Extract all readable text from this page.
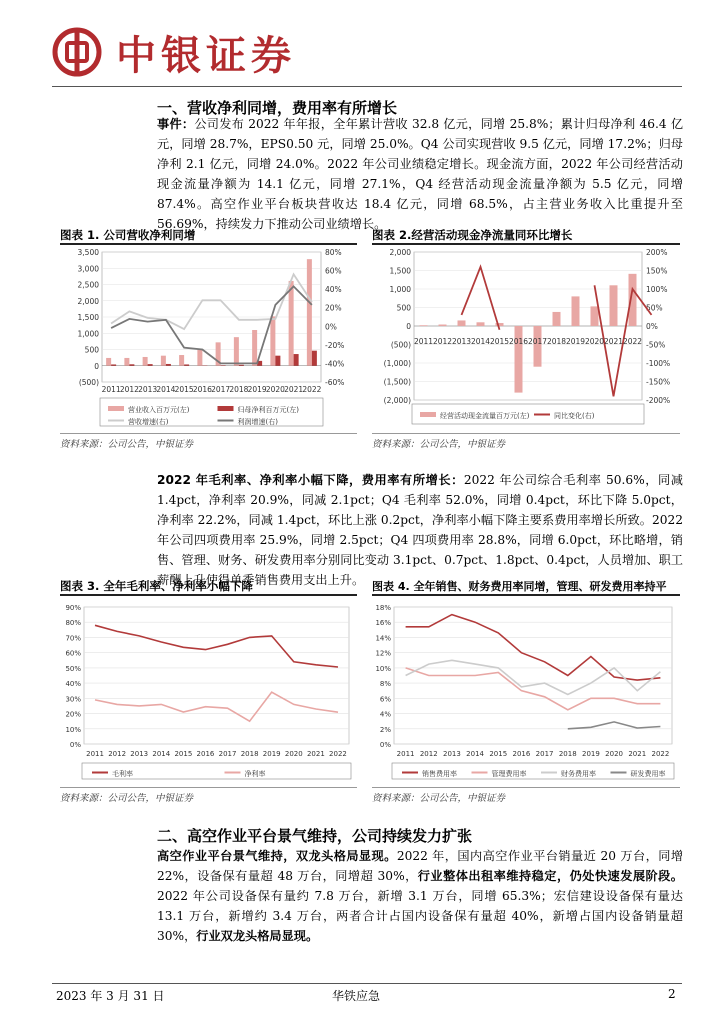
中银证券
一、营收净利同增，费用率有所增长
事件：公司发布 2022 年年报，全年累计营收 32.8 亿元，同增 25.8%；累计归母净利 46.4 亿元，同增 28.7%，EPS0.50 元，同增 25.0%。Q4 公司实现营收 9.5 亿元，同增 17.2%；归母净利 2.1 亿元，同增 24.0%。2022 年公司业绩稳定增长。现金流方面，2022 年公司经营活动现金流量净额为 14.1 亿元，同增 27.1%，Q4 经营活动现金流量净额为 5.5 亿元，同增 87.4%。高空作业平台板块营收达 18.4 亿元，同增 68.5%，占主营业务收入比重提升至 56.69%，持续发力下推动公司业绩增长。
图表 1. 公司营收净利同增
3,500
3,000
2,500
2,000
1,500
1,000
500
0
(500)
80%
60%
40%
20%
0%
-20%
-40%
-60%
2011 2012 2013 2014 2015 2016 2017 2018 2019 2020 2021 2022
营业收入百万元(左)	归母净利百万元(左)
营收增速(右)	利润增速(右)
资料来源：公司公告，中银证券
图表 2.经营活动现金净流量同环比增长
2,000
1,500
1,000
500
0
(500)
(1,000)
(1,500)
(2,000)
200%
150%
100%
50%
0%
-50%
-100%
-150%
-200%
2011 2012 2013 2014 2015 2016 2017 2018 2019 2020 2021 2022
经营活动现金流量百万元(左)	同比变化(右)
资料来源：公司公告，中银证券
2022 年毛利率、净利率小幅下降，费用率有所增长：2022 年公司综合毛利率 50.6%，同减 1.4pct，净利率 20.9%，同减 2.1pct；Q4 毛利率 52.0%，同增 0.4pct，环比下降 5.0pct，净利率 22.2%，同减 1.4pct，环比上涨 0.2pct，净利率小幅下降主要系费用率增长所致。2022 年公司四项费用率 25.9%，同增 2.5pct；Q4 四项费用率 28.8%，同增 6.0pct，环比略增，销售、管理、财务、研发费用率分别同比变动 3.1pct、0.7pct、1.8pct、0.4pct，人员增加、职工薪酬上升使得单季销售费用支出上升。
图表 3. 全年毛利率、净利率小幅下降
90%
80%
70%
60%
50%
40%
30%
20%
10%
0%
2011 2012 2013 2014 2015 2016 2017 2018 2019 2020 2021 2022
毛利率	净利率
资料来源：公司公告，中银证券
图表 4. 全年销售、财务费用率同增，管理、研发费用率持平
18%
16%
14%
12%
10%
8%
6%
4%
2%
0%
2011 2012 2013 2014 2015 2016 2017 2018 2019 2020 2021 2022
销售费用率	管理费用率	财务费用率	研发费用率
资料来源：公司公告，中银证券
二、高空作业平台景气维持，公司持续发力扩张
高空作业平台景气维持，双龙头格局显现。2022 年，国内高空作业平台销量近 20 万台，同增 22%，设备保有量超 48 万台，同增超 30%，行业整体出租率维持稳定，仍处快速发展阶段。2022 年公司设备保有量约 7.8 万台，新增 3.1 万台，同增 65.3%；宏信建设设备保有量达 13.1 万台，新增约 3.4 万台，两者合计占国内设备保有量超 40%，新增占国内设备销量超 30%，行业双龙头格局显现。
2023 年 3 月 31 日	华铁应急	2
